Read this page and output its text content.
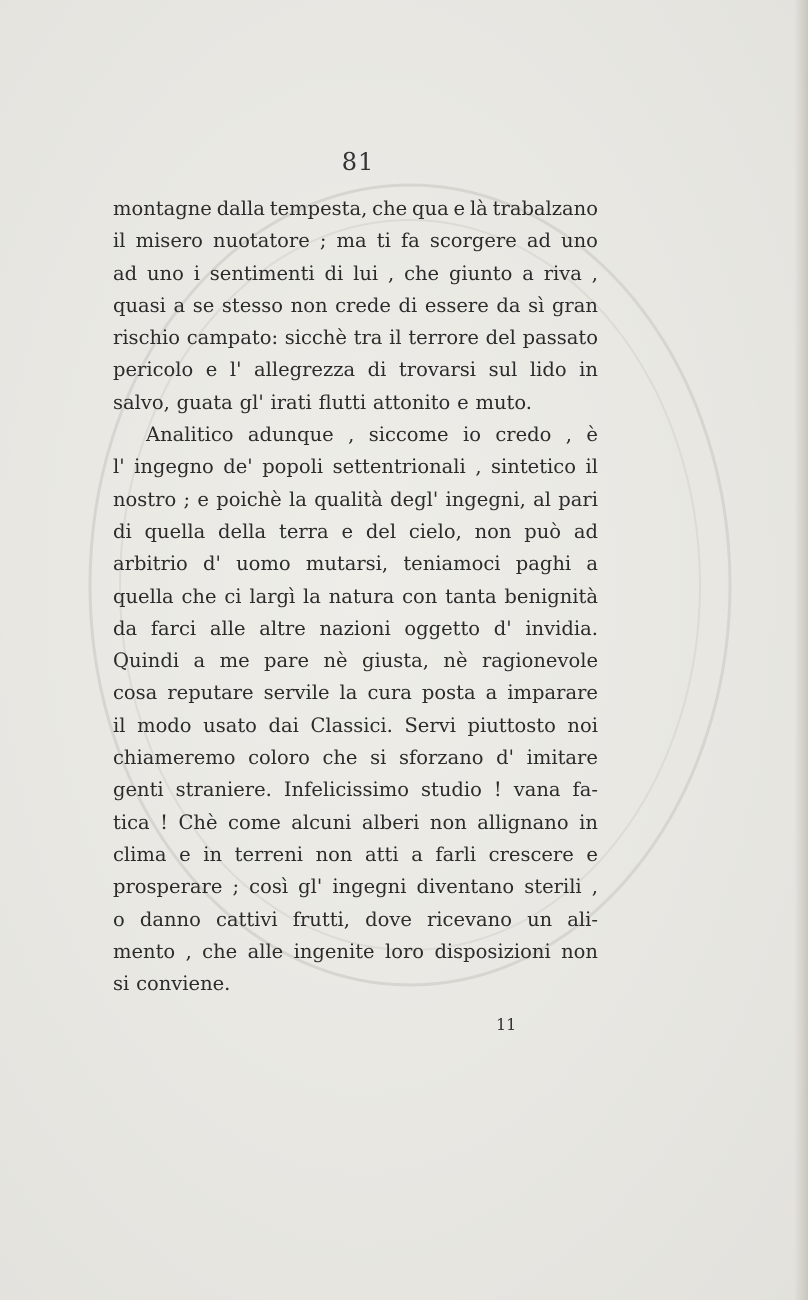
81
montagne dalla tempesta, che qua e là trabalzano
il misero nuotatore ; ma ti fa scorgere ad uno
ad uno i sentimenti di lui , che giunto a riva ,
quasi a se stesso non crede di essere da sì gran
rischio campato: sicchè tra il terrore del passato
pericolo e l' allegrezza di trovarsi sul lido in
salvo, guata gl' irati flutti attonito e muto.
Analitico adunque , siccome io credo , è
l' ingegno de' popoli settentrionali , sintetico il
nostro ; e poichè la qualità degl' ingegni, al pari
di quella della terra e del cielo, non può ad
arbitrio d' uomo mutarsi, teniamoci paghi a
quella che ci largì la natura con tanta benignità
da farci alle altre nazioni oggetto d' invidia.
Quindi a me pare nè giusta, nè ragionevole
cosa reputare servile la cura posta a imparare
il modo usato dai Classici. Servi piuttosto noi
chiameremo coloro che si sforzano d' imitare
genti straniere. Infelicissimo studio ! vana fa-
tica ! Chè come alcuni alberi non allignano in
clima e in terreni non atti a farli crescere e
prosperare ; così gl' ingegni diventano sterili ,
o danno cattivi frutti, dove ricevano un ali-
mento , che alle ingenite loro disposizioni non
si conviene.
11
